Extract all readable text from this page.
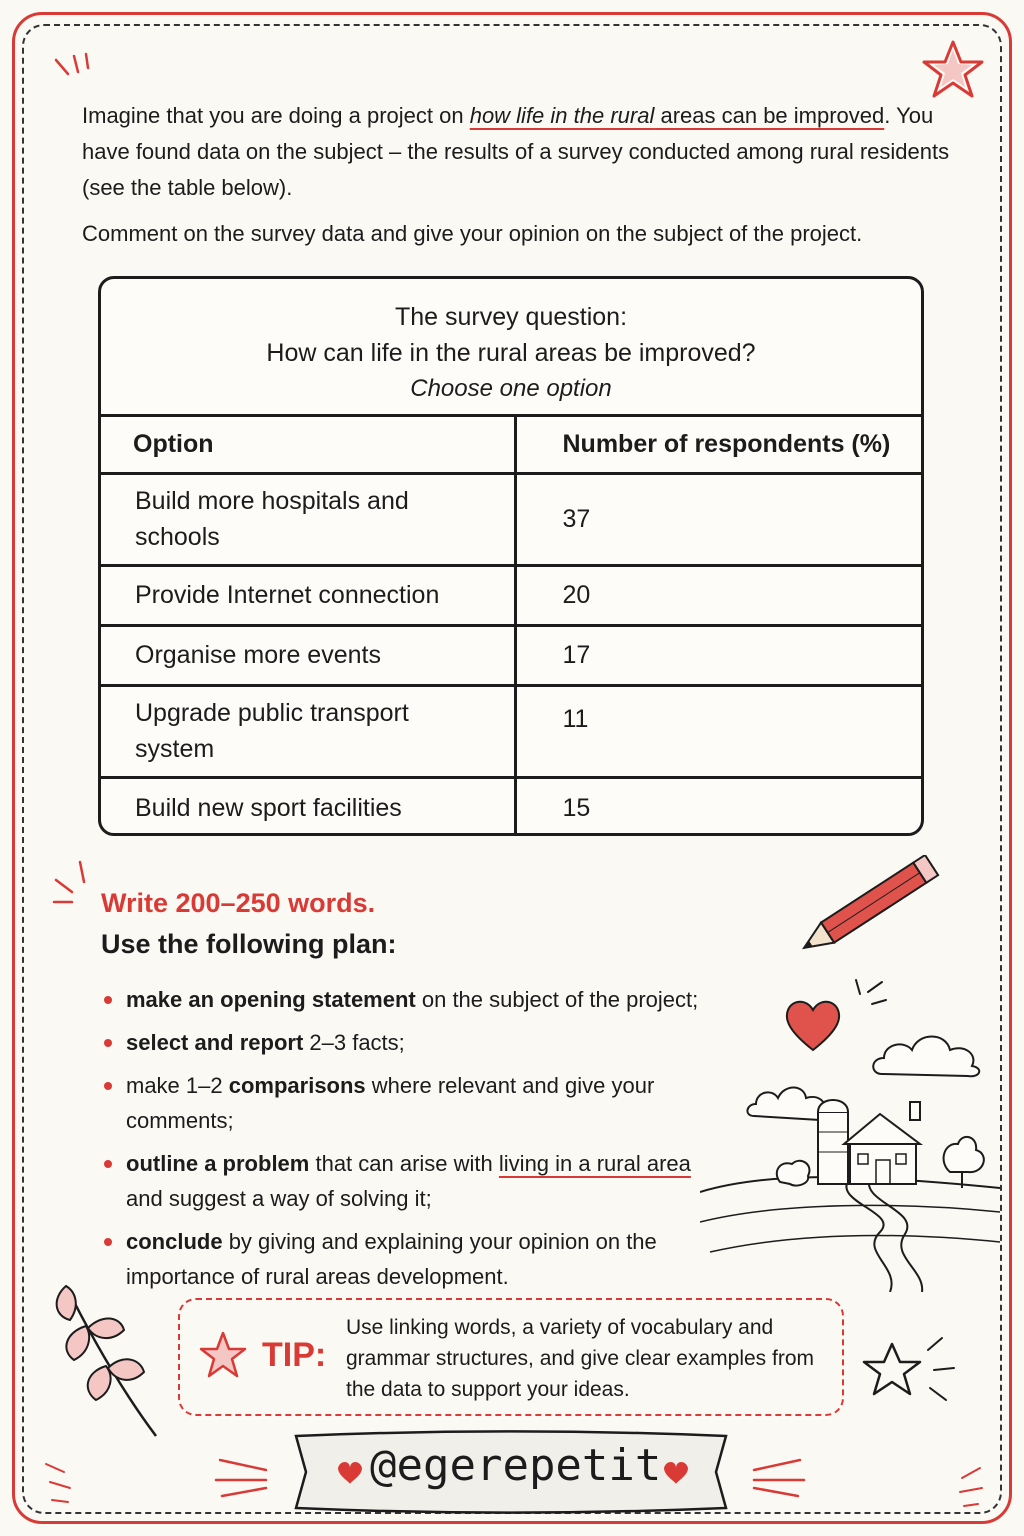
Imagine that you are doing a project on how life in the rural areas can be improved. You have found data on the subject – the results of a survey conducted among rural residents (see the table below).

Comment on the survey data and give your opinion on the subject of the project.

The survey question:
How can life in the rural areas be improved?
Choose one option
Option	Number of respondents (%)
Build more hospitals and schools	37
Provide Internet connection	20
Organise more events	17
Upgrade public transport system	11
Build new sport facilities	15
Write 200–250 words.
Use the following plan:
make an opening statement on the subject of the project;
select and report 2–3 facts;
make 1–2 comparisons where relevant and give your comments;
outline a problem that can arise with living in a rural area and suggest a way of solving it;
conclude by giving and explaining your opinion on the importance of rural areas development.
TIP:
Use linking words, a variety of vocabulary and grammar structures, and give clear examples from the data to support your ideas.
@egerepetit
